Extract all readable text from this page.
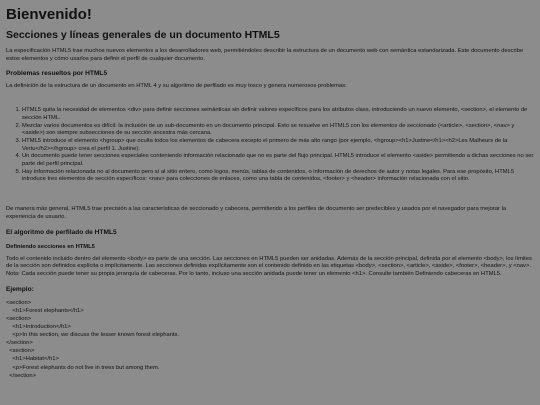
Bienvenido!
Secciones y líneas generales de un documento HTML5

La especificación HTML5 trae muchos nuevos elementos a los desarrolladores web, permitiéndoles describir la estructura de un documento web con semántica estandarizada. Este documento describe estos elementos y cómo usarlos para definir el perfil de cualquier documento.

Problemas resueltos por HTML5

La definición de la estructura de un documento en HTML 4 y su algoritmo de perfilado es muy tosco y genera numerosos problemas:

1. HTML5 quita la necesidad de elementos <div> para definir secciones semánticas sin definir valores específicos para los atributos class, introduciendo un nuevo elemento, <section>, el elemento de sección HTML.
2. Mezclar varios documentos es difícil: la inclusión de un sub-documento en un documento principal. Esto se resuelve en HTML5 con los elementos de seccionado (<article>, <section>, <nav> y <aside>) son siempre subsecciones de su sección ancestra más cercana.
3. HTML5 introduce el elemento <hgroup> que oculta todos los elementos de cabecera excepto el primero de más alto rango (por ejemplo, <hgroup><h1>Justine</h1><h2>Les Malheurs de la Vertu</h2></hgroup> crea el perfil 1. Justine).
4. Un documento puede tener secciones especiales conteniendo información relacionado que no es parte del flujo principal. HTML5 introduce el elemento <aside> permitiendo a dichas secciones no ser parte del perfil principal.
5. Hay información relacionada no al documento pero sí al sitio entero, como logos, menús, tablas de contenidos, o información de derechos de autor y notas legales. Para ese propósito, HTML5 introduce tres elementos de sección específicos: <nav> para colecciones de enlaces, como una tabla de contenidos, <footer> y <header> información relacionada con el sitio.

De manera más general, HTML5 trae precisión a las características de seccionado y cabecera, permitiendo a los perfiles de documento ser predecibles y usados por el navegador para mejorar la experiencia de usuario.

El algoritmo de perfilado de HTML5
Definiendo secciones en HTML5

Todo el contenido incluido dentro del elemento <body> es parte de una sección. Las secciones en HTML5 pueden ser anidadas. Además de la sección principal, definida por el elemento <body>, los límites de la sección son definidos explícita o implícitamente. Las secciones definidas explícitamente son el contenido definido en las etiquetas <body>, <section>, <article>, <aside>, <footer>, <header>, y <nav>. Nota: Cada sección puede tener su propia jerarquía de cabeceras. Por lo tanto, incluso una sección anidada puede tener un elemento <h1>. Consulte también Definiendo cabeceras en HTML5.

Ejemplo:
<section>
<h1>Forest elephants</h1>
<section>
<h1>Introduction</h1>
<p>In this section, we discuss the lesser known forest elephants.
</section>
<section>
<h1>Habitat</h1>
<p>Forest elephants do not live in trees but among them.
</section>
